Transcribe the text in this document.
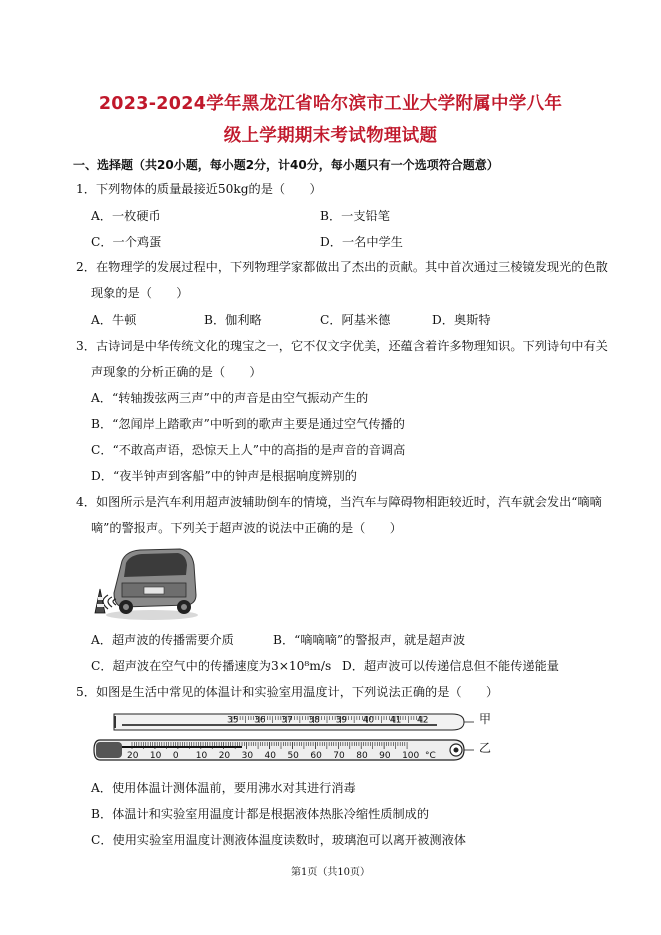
2023-2024学年黑龙江省哈尔滨市工业大学附属中学八年
级上学期期末考试物理试题
一、选择题（共20小题，每小题2分，计40分，每小题只有一个选项符合题意）
1．下列物体的质量最接近50kg的是（　　）
A．一枚硬币	B．一支铅笔
C．一个鸡蛋	D．一名中学生
2．在物理学的发展过程中，下列物理学家都做出了杰出的贡献。其中首次通过三棱镜发现光的色散
现象的是（　　）
A．牛顿	B．伽利略	C．阿基米德	D．奥斯特
3．古诗词是中华传统文化的瑰宝之一，它不仅文字优美，还蕴含着许多物理知识。下列诗句中有关
声现象的分析正确的是（　　）
A．“转轴拨弦两三声”中的声音是由空气振动产生的
B．“忽闻岸上踏歌声”中听到的歌声主要是通过空气传播的
C．“不敢高声语，恐惊天上人”中的高指的是声音的音调高
D．“夜半钟声到客船”中的钟声是根据响度辨别的
4．如图所示是汽车利用超声波辅助倒车的情境，当汽车与障碍物相距较近时，汽车就会发出“嘀嘀
嘀”的警报声。下列关于超声波的说法中正确的是（　　）
A．超声波的传播需要介质	B．“嘀嘀嘀”的警报声，就是超声波
C．超声波在空气中的传播速度为3×10⁸m/s D．超声波可以传递信息但不能传递能量
5．如图是生活中常见的体温计和实验室用温度计，下列说法正确的是（　　）
35 36 37 38 39 40 41 42
20 10 0 10 20 30 40 50 60 70 80 90 100 °C
甲
乙
A．使用体温计测体温前，要用沸水对其进行消毒
B．体温计和实验室用温度计都是根据液体热胀冷缩性质制成的
C．使用实验室用温度计测液体温度读数时，玻璃泡可以离开被测液体
第1页（共10页）
